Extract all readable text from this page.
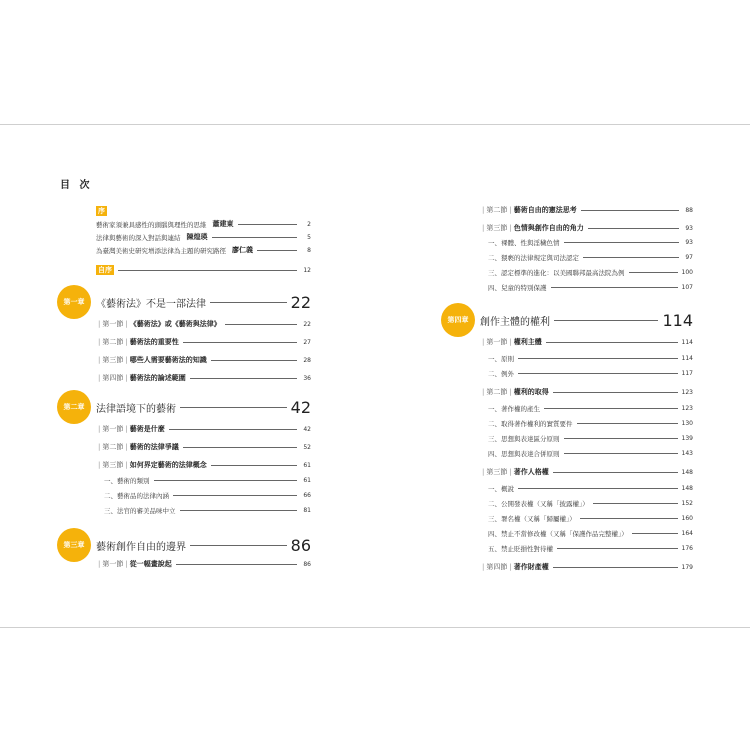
目 次
序
藝術家須兼具感性的頭腦與理性的思維 蕭建東	2
法律與藝術的深入對話與連結 陳煌瑛	5
為臺灣美術史研究增添法律為主題的研究路徑 廖仁義	8
自序	12
第一章	《藝術法》不是一部法律	22
| 第一節 | 《藝術法》或《藝術與法律》	22
| 第二節 | 藝術法的重要性	27
| 第三節 | 哪些人需要藝術法的知識	28
| 第四節 | 藝術法的論述範圍	36
第二章	法律語境下的藝術	42
| 第一節 | 藝術是什麼	42
| 第二節 | 藝術的法律爭議	52
| 第三節 | 如何界定藝術的法律概念	61
一、藝術的類別	61
二、藝術品的法律內涵	66
三、法官的審美品味中立	81
第三章	藝術創作自由的邊界	86
| 第一節 | 從一幅畫說起	86
| 第二節 | 藝術自由的憲法思考	88
| 第三節 | 色情與創作自由的角力	93
一、裸體、性與淫穢色情	93
二、猥褻的法律規定與司法認定	97
三、認定標準的進化：以美國聯邦最高法院為例	100
四、兒童的特別保護	107
第四章	創作主體的權利	114
| 第一節 | 權利主體	114
一、原則	114
二、例外	117
| 第二節 | 權利的取得	123
一、著作權的產生	123
二、取得著作權利的實質要件	130
三、思想與表達區分原則	139
四、思想與表達合併原則	143
| 第三節 | 著作人格權	148
一、概說	148
二、公開發表權（又稱「披露權」）	152
三、署名權（又稱「歸屬權」）	160
四、禁止不當修改權（又稱「保護作品完整權」）	164
五、禁止貶損性對待權	176
| 第四節 | 著作財產權	179
